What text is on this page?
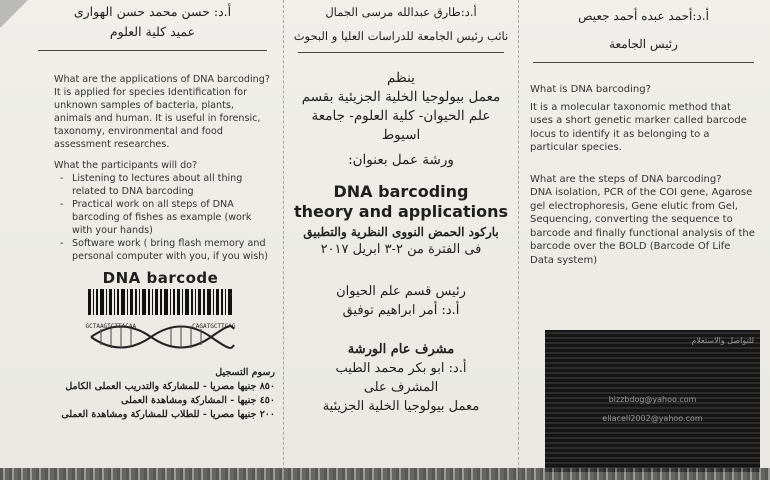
أ.د: حسن محمد حسن الهوارى
عميد كلية العلوم

What are the applications of DNA barcoding?

It is applied for species Identification for unknown samples of bacteria, plants, animals and human. It is useful in forensic, taxonomy, environmental and food assessment researches.

What the participants will do?

- Listening to lectures about all thing related to DNA barcoding
- Practical work on all steps of DNA barcoding of fishes as example (work with your hands)
- Software work ( bring flash memory and personal computer with you, if you wish)
DNA barcode
GCTAAGTCTTACAA	CAGATGCTTCAG
رسوم التسجيل
٨٥٠ جنيها مصريا - للمشاركة والتدريب العملى الكامل
٤٥٠ جنيها - المشاركة ومشاهدة العملى
٢٠٠ جنيها مصريا - للطلاب للمشاركة ومشاهدة العملى
أ.د:طارق عبدالله مرسى الجمال
نائب رئيس الجامعة للدراسات العليا و البحوث
ينظم
معمل بيولوجيا الخلية الجزيئية بقسم علم الحيوان- كلية العلوم- جامعة اسيوط
ورشة عمل بعنوان:
DNA barcoding
theory and applications
باركود الحمض النووى النظرية والتطبيق
فى الفترة من ٢-٣ ابريل ٢٠١٧
رئيس قسم علم الحيوان
أ.د: أمر ابراهيم توفيق
مشرف عام الورشة
أ.د: ابو بكر محمد الطيب
المشرف على
معمل بيولوجيا الخلية الجزيئية
أ.د:أحمد عبده أحمد جعيص
رئيس الجامعة

What is DNA barcoding?

It is a molecular taxonomic method that uses a short genetic marker called barcode locus to identify it as belonging to a particular species.

What are the steps of DNA barcoding?

DNA isolation, PCR of the COI gene, Agarose gel electrophoresis, Gene elutic from Gel, Sequencing, converting the sequence to barcode and finally functional analysis of the barcode over the BOLD (Barcode Of Life Data system)

للتواصل والاستعلام
bizzbdog@yahoo.com
ellacell2002@yahoo.com
